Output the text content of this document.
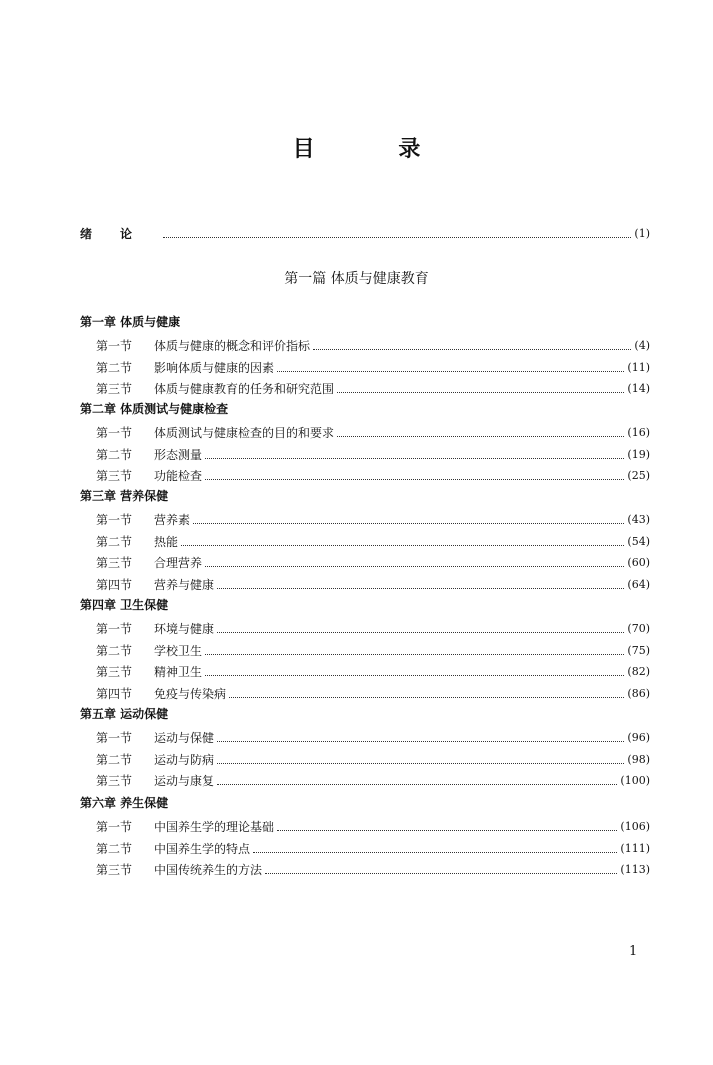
目 录
绪论	(1)
第一篇 体质与健康教育
第一章 体质与健康
第一节	体质与健康的概念和评价指标	(4)
第二节	影响体质与健康的因素	(11)
第三节	体质与健康教育的任务和研究范围	(14)
第二章 体质测试与健康检查
第一节	体质测试与健康检查的目的和要求	(16)
第二节	形态测量	(19)
第三节	功能检查	(25)
第三章 营养保健
第一节	营养素	(43)
第二节	热能	(54)
第三节	合理营养	(60)
第四节	营养与健康	(64)
第四章 卫生保健
第一节	环境与健康	(70)
第二节	学校卫生	(75)
第三节	精神卫生	(82)
第四节	免疫与传染病	(86)
第五章 运动保健
第一节	运动与保健	(96)
第二节	运动与防病	(98)
第三节	运动与康复	(100)
第六章 养生保健
第一节	中国养生学的理论基础	(106)
第二节	中国养生学的特点	(111)
第三节	中国传统养生的方法	(113)
1
